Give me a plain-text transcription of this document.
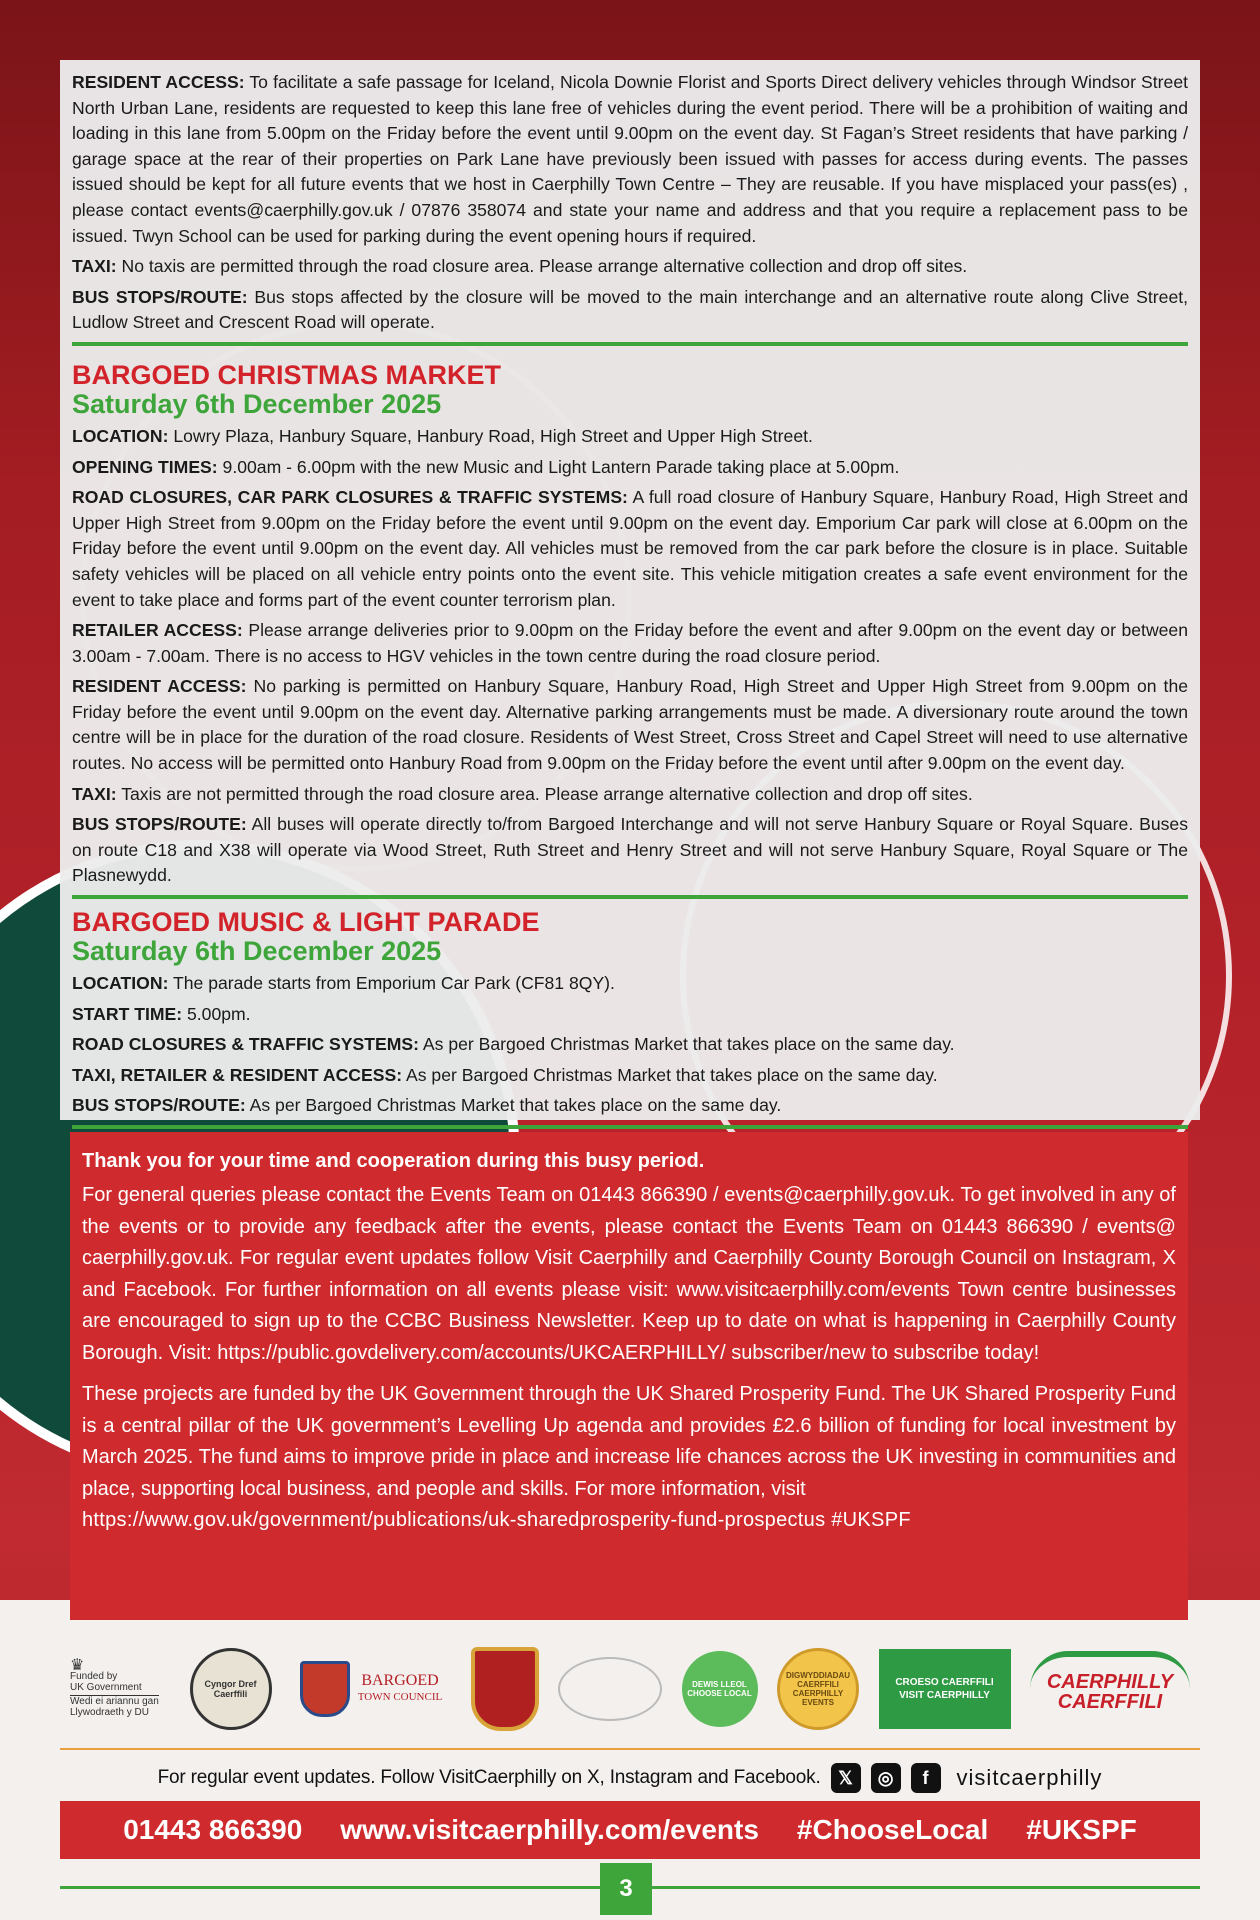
RESIDENT ACCESS: To facilitate a safe passage for Iceland, Nicola Downie Florist and Sports Direct delivery vehicles through Windsor Street North Urban Lane, residents are requested to keep this lane free of vehicles during the event period. There will be a prohibition of waiting and loading in this lane from 5.00pm on the Friday before the event until 9.00pm on the event day. St Fagan’s Street residents that have parking / garage space at the rear of their properties on Park Lane have previously been issued with passes for access during events. The passes issued should be kept for all future events that we host in Caerphilly Town Centre – They are reusable. If you have misplaced your pass(es) , please contact events@caerphilly.gov.uk / 07876 358074 and state your name and address and that you require a replacement pass to be issued. Twyn School can be used for parking during the event opening hours if required.

TAXI: No taxis are permitted through the road closure area. Please arrange alternative collection and drop off sites.

BUS STOPS/ROUTE: Bus stops affected by the closure will be moved to the main interchange and an alternative route along Clive Street, Ludlow Street and Crescent Road will operate.

BARGOED CHRISTMAS MARKET
Saturday 6th December 2025

LOCATION: Lowry Plaza, Hanbury Square, Hanbury Road, High Street and Upper High Street.

OPENING TIMES: 9.00am - 6.00pm with the new Music and Light Lantern Parade taking place at 5.00pm.

ROAD CLOSURES, CAR PARK CLOSURES & TRAFFIC SYSTEMS: A full road closure of Hanbury Square, Hanbury Road, High Street and Upper High Street from 9.00pm on the Friday before the event until 9.00pm on the event day. Emporium Car park will close at 6.00pm on the Friday before the event until 9.00pm on the event day. All vehicles must be removed from the car park before the closure is in place. Suitable safety vehicles will be placed on all vehicle entry points onto the event site. This vehicle mitigation creates a safe event environment for the event to take place and forms part of the event counter terrorism plan.

RETAILER ACCESS: Please arrange deliveries prior to 9.00pm on the Friday before the event and after 9.00pm on the event day or between 3.00am - 7.00am. There is no access to HGV vehicles in the town centre during the road closure period.

RESIDENT ACCESS: No parking is permitted on Hanbury Square, Hanbury Road, High Street and Upper High Street from 9.00pm on the Friday before the event until 9.00pm on the event day. Alternative parking arrangements must be made. A diversionary route around the town centre will be in place for the duration of the road closure. Residents of West Street, Cross Street and Capel Street will need to use alternative routes. No access will be permitted onto Hanbury Road from 9.00pm on the Friday before the event until after 9.00pm on the event day.

TAXI: Taxis are not permitted through the road closure area. Please arrange alternative collection and drop off sites.

BUS STOPS/ROUTE: All buses will operate directly to/from Bargoed Interchange and will not serve Hanbury Square or Royal Square. Buses on route C18 and X38 will operate via Wood Street, Ruth Street and Henry Street and will not serve Hanbury Square, Royal Square or The Plasnewydd.

BARGOED MUSIC & LIGHT PARADE
Saturday 6th December 2025

LOCATION: The parade starts from Emporium Car Park (CF81 8QY).

START TIME: 5.00pm.

ROAD CLOSURES & TRAFFIC SYSTEMS: As per Bargoed Christmas Market that takes place on the same day.

TAXI, RETAILER & RESIDENT ACCESS: As per Bargoed Christmas Market that takes place on the same day.

BUS STOPS/ROUTE: As per Bargoed Christmas Market that takes place on the same day.

Thank you for your time and cooperation during this busy period.

For general queries please contact the Events Team on 01443 866390 / events@caerphilly.gov.uk. To get involved in any of the events or to provide any feedback after the events, please contact the Events Team on 01443 866390 / events@ caerphilly.gov.uk. For regular event updates follow Visit Caerphilly and Caerphilly County Borough Council on Instagram, X and Facebook. For further information on all events please visit: www.visitcaerphilly.com/events Town centre businesses are encouraged to sign up to the CCBC Business Newsletter. Keep up to date on what is happening in Caerphilly County Borough. Visit: https://public.govdelivery.com/accounts/UKCAERPHILLY/ subscriber/new to subscribe today!

These projects are funded by the UK Government through the UK Shared Prosperity Fund. The UK Shared Prosperity Fund is a central pillar of the UK government’s Levelling Up agenda and provides £2.6 billion of funding for local investment by March 2025. The fund aims to improve pride in place and increase life chances across the UK investing in communities and place, supporting local business, and people and skills. For more information, visit

https://www.gov.uk/government/publications/uk-sharedprosperity-fund-prospectus #UKSPF

♛
Funded by
UK Government
Wedi ei ariannu gan
Llywodraeth y DU
Cyngor Dref Caerffili
BARGOED
TOWN COUNCIL
DEWIS LLEOL CHOOSE LOCAL
DIGWYDDIADAU CAERFFILI CAERPHILLY EVENTS
CROESO CAERFFILI
VISIT CAERPHILLY
CAERPHILLY
CAERFFILI
For regular event updates. Follow VisitCaerphilly on X, Instagram and Facebook. 𝕏	◎	f	visitcaerphilly
01443 866390 www.visitcaerphilly.com/events #ChooseLocal #UKSPF
3
